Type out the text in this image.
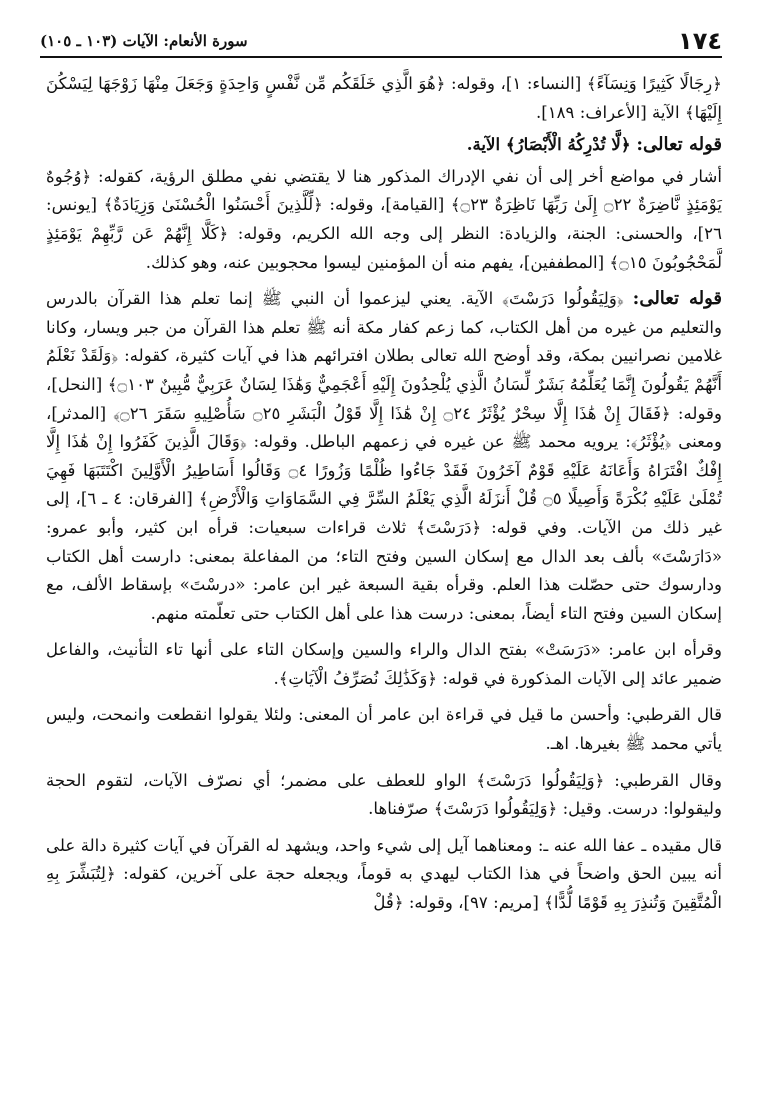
١٧٤
سورة الأنعام: الآيات (١٠٣ ـ ١٠٥)

﴿رِجَالًا كَثِيرًا وَنِسَآءً﴾ [النساء: ١]، وقوله: ﴿هُوَ الَّذِي خَلَقَكُم مِّن نَّفْسٍ وَاحِدَةٍ وَجَعَلَ مِنْهَا زَوْجَهَا لِيَسْكُنَ إِلَيْهَا﴾ الآية [الأعراف: ١٨٩].

قوله تعالى: ﴿لَّا تُدْرِكُهُ الْأَبْصَارُ﴾ الآية.

أشار في مواضع أخر إلى أن نفي الإدراك المذكور هنا لا يقتضي نفي مطلق الرؤية، كقوله: ﴿وُجُوهٌ يَوْمَئِذٍ نَّاضِرَةٌ ۝٢٢ إِلَىٰ رَبِّهَا نَاظِرَةٌ ۝٢٣﴾ [القيامة]، وقوله: ﴿لِّلَّذِينَ أَحْسَنُوا الْحُسْنَىٰ وَزِيَادَةٌ﴾ [يونس: ٢٦]، والحسنى: الجنة، والزيادة: النظر إلى وجه الله الكريم، وقوله: ﴿كَلَّا إِنَّهُمْ عَن رَّبِّهِمْ يَوْمَئِذٍ لَّمَحْجُوبُونَ ۝١٥﴾ [المطففين]، يفهم منه أن المؤمنين ليسوا محجوبين عنه، وهو كذلك.

قوله تعالى: ﴿وَلِيَقُولُوا دَرَسْتَ﴾ الآية. يعني ليزعموا أن النبي ﷺ إنما تعلم هذا القرآن بالدرس والتعليم من غيره من أهل الكتاب، كما زعم كفار مكة أنه ﷺ تعلم هذا القرآن من جبر ويسار، وكانا غلامين نصرانيين بمكة، وقد أوضح الله تعالى بطلان افترائهم هذا في آيات كثيرة، كقوله: ﴿وَلَقَدْ نَعْلَمُ أَنَّهُمْ يَقُولُونَ إِنَّمَا يُعَلِّمُهُ بَشَرٌ لِّسَانُ الَّذِي يُلْحِدُونَ إِلَيْهِ أَعْجَمِيٌّ وَهَٰذَا لِسَانٌ عَرَبِيٌّ مُّبِينٌ ۝١٠٣﴾ [النحل]، وقوله: ﴿فَقَالَ إِنْ هَٰذَا إِلَّا سِحْرٌ يُؤْثَرُ ۝٢٤ إِنْ هَٰذَا إِلَّا قَوْلُ الْبَشَرِ ۝٢٥ سَأُصْلِيهِ سَقَرَ ۝٢٦﴾ [المدثر]، ومعنى ﴿يُؤْثَرُ﴾: يرويه محمد ﷺ عن غيره في زعمهم الباطل. وقوله: ﴿وَقَالَ الَّذِينَ كَفَرُوا إِنْ هَٰذَا إِلَّا إِفْكٌ افْتَرَاهُ وَأَعَانَهُ عَلَيْهِ قَوْمٌ آخَرُونَ فَقَدْ جَاءُوا ظُلْمًا وَزُورًا ۝٤ وَقَالُوا أَسَاطِيرُ الْأَوَّلِينَ اكْتَتَبَهَا فَهِيَ تُمْلَىٰ عَلَيْهِ بُكْرَةً وَأَصِيلًا ۝٥ قُلْ أَنزَلَهُ الَّذِي يَعْلَمُ السِّرَّ فِي السَّمَاوَاتِ وَالْأَرْضِ﴾ [الفرقان: ٤ ـ ٦]، إلى غير ذلك من الآيات. وفي قوله: ﴿دَرَسْتَ﴾ ثلاث قراءات سبعيات: قرأه ابن كثير، وأبو عمرو: «دَارَسْتَ» بألف بعد الدال مع إسكان السين وفتح التاء؛ من المفاعلة بمعنى: دارست أهل الكتاب ودارسوك حتى حصّلت هذا العلم. وقرأه بقية السبعة غير ابن عامر: «درسْتَ» بإسقاط الألف، مع إسكان السين وفتح التاء أيضاً، بمعنى: درست هذا على أهل الكتاب حتى تعلّمته منهم.

وقرأه ابن عامر: «دَرَسَتْ» بفتح الدال والراء والسين وإسكان التاء على أنها تاء التأنيث، والفاعل ضمير عائد إلى الآيات المذكورة في قوله: ﴿وَكَذَٰلِكَ نُصَرِّفُ الْآيَاتِ﴾.

قال القرطبي: وأحسن ما قيل في قراءة ابن عامر أن المعنى: ولئلا يقولوا انقطعت وانمحت، وليس يأتي محمد ﷺ بغيرها. اهـ.

وقال القرطبي: ﴿وَلِيَقُولُوا دَرَسْتَ﴾ الواو للعطف على مضمر؛ أي نصرّف الآيات، لتقوم الحجة وليقولوا: درست. وقيل: ﴿وَلِيَقُولُوا دَرَسْتَ﴾ صرّفناها.

قال مقيده ـ عفا الله عنه ـ: ومعناهما آيل إلى شيء واحد، ويشهد له القرآن في آيات كثيرة دالة على أنه يبين الحق واضحاً في هذا الكتاب ليهدي به قوماً، ويجعله حجة على آخرين، كقوله: ﴿لِتُبَشِّرَ بِهِ الْمُتَّقِينَ وَتُنذِرَ بِهِ قَوْمًا لُّدًّا﴾ [مريم: ٩٧]، وقوله: ﴿قُلْ
